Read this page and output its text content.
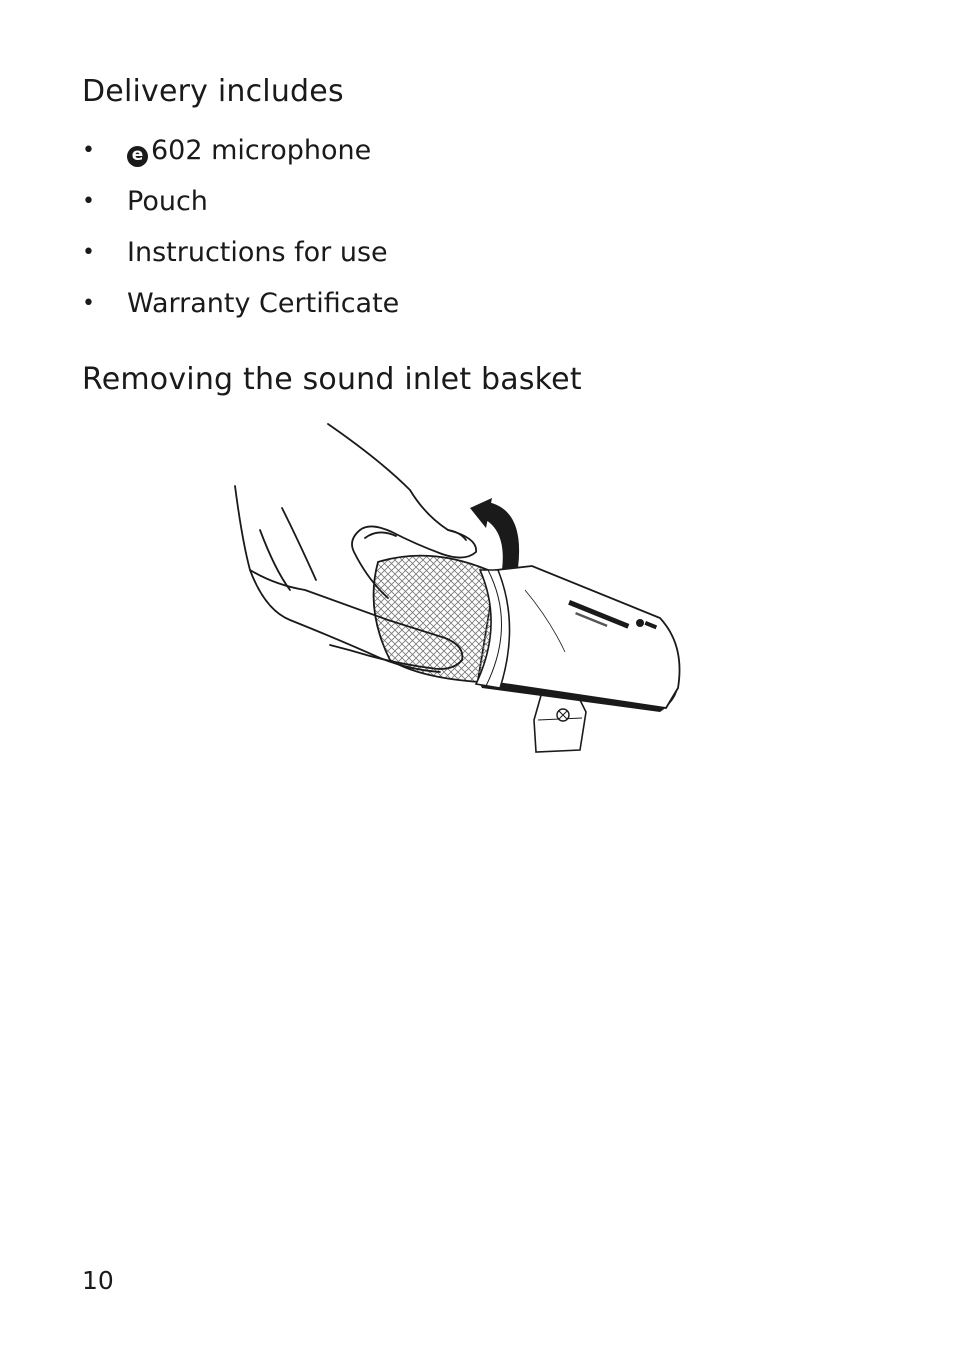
Delivery includes
•	e 602 microphone
•	Pouch
•	Instructions for use
•	Warranty Certificate
Removing the sound inlet basket
10
